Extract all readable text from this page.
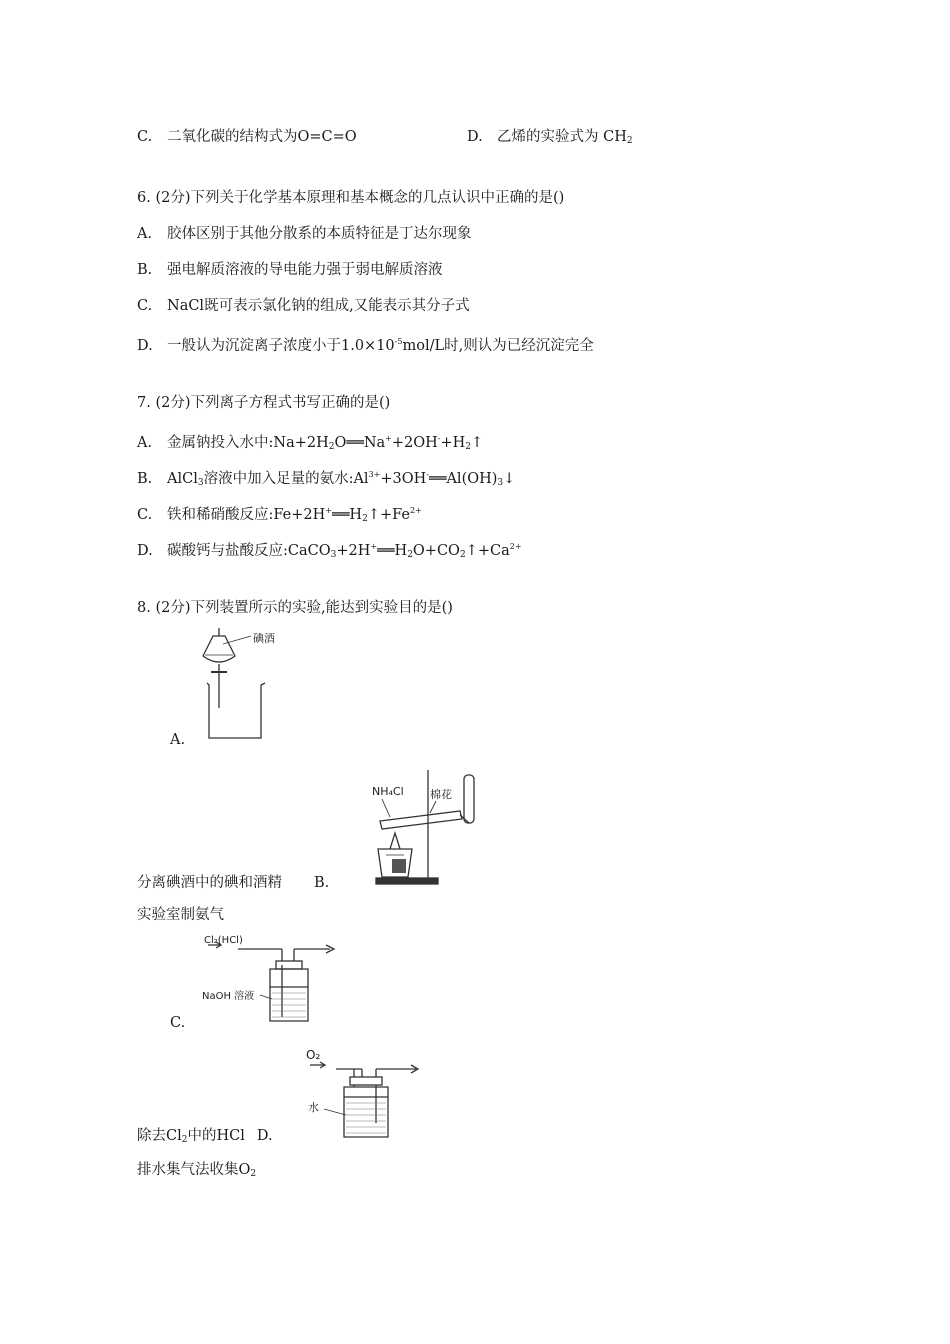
C. 二氧化碳的结构式为O=C=O	D. 乙烯的实验式为 $CH_2$
6. (2分)下列关于化学基本原理和基本概念的几点认识中正确的是()
A. 胶体区别于其他分散系的本质特征是丁达尔现象
B. 强电解质溶液的导电能力强于弱电解质溶液
C. NaCl既可表示氯化钠的组成,又能表示其分子式
D. 一般认为沉淀离子浓度小于$1.0\times 10^{-5}mol/L$时,则认为已经沉淀完全
7. (2分)下列离子方程式书写正确的是()
A. 金属钠投入水中$:Na+2H_2O══Na^++2OH^-+H_2↑$
B. AlCl$_3$溶液中加入足量的氨水$:Al^{3+}+3OH^-══Al(OH)_3↓$
C. 铁和稀硝酸反应$:Fe+2H^+══H_2↑+Fe^{2+}$
D. 碳酸钙与盐酸反应$:CaCO_3+2H^+══H_2O+CO_2↑+Ca^{2+}$
8. (2分)下列装置所示的实验,能达到实验目的是()
碘酒
A.
NH₄Cl 棉花
分离碘酒中的碘和酒精 B.
实验室制氨气
Cl₂(HCl)
NaOH 溶液
C.
O₂
水
除去$Cl_2$中的HCl D.
排水集气法收集$O_2$
